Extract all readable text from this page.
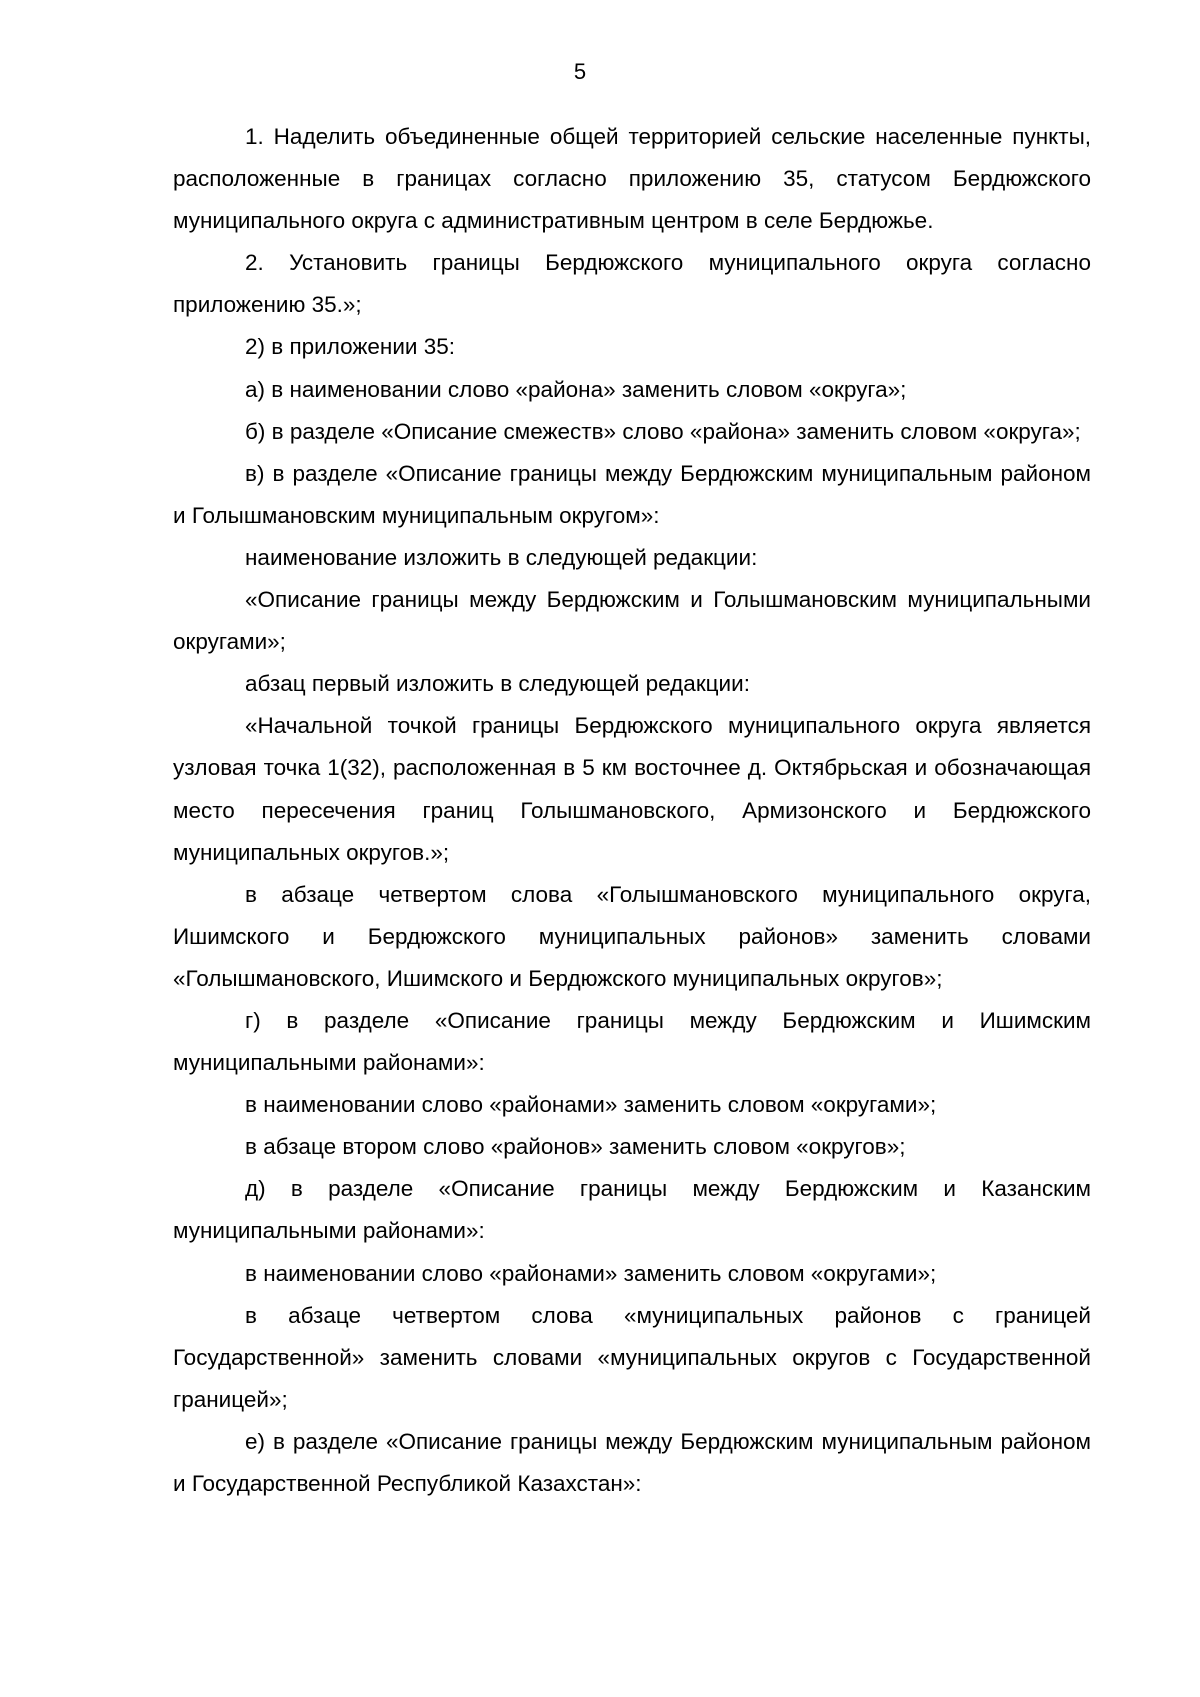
5

1. Наделить объединенные общей территорией сельские населенные пункты, расположенные в границах согласно приложению 35, статусом Бердюжского муниципального округа с административным центром в селе Бердюжье.

2. Установить границы Бердюжского муниципального округа согласно приложению 35.»;

2) в приложении 35:

а) в наименовании слово «района» заменить словом «округа»;

б) в разделе «Описание смежеств» слово «района» заменить словом «округа»;

в) в разделе «Описание границы между Бердюжским муниципальным районом и Голышмановским муниципальным округом»:

наименование изложить в следующей редакции:

«Описание границы между Бердюжским и Голышмановским муниципальными округами»;

абзац первый изложить в следующей редакции:

«Начальной точкой границы Бердюжского муниципального округа является узловая точка 1(32), расположенная в 5 км восточнее д. Октябрьская и обозначающая место пересечения границ Голышмановского, Армизонского и Бердюжского муниципальных округов.»;

в абзаце четвертом слова «Голышмановского муниципального округа, Ишимского и Бердюжского муниципальных районов» заменить словами «Голышмановского, Ишимского и Бердюжского муниципальных округов»;

г) в разделе «Описание границы между Бердюжским и Ишимским муниципальными районами»:

в наименовании слово «районами» заменить словом «округами»;

в абзаце втором слово «районов» заменить словом «округов»;

д) в разделе «Описание границы между Бердюжским и Казанским муниципальными районами»:

в наименовании слово «районами» заменить словом «округами»;

в абзаце четвертом слова «муниципальных районов с границей Государственной» заменить словами «муниципальных округов с Государственной границей»;

е) в разделе «Описание границы между Бердюжским муниципальным районом и Государственной Республикой Казахстан»:
